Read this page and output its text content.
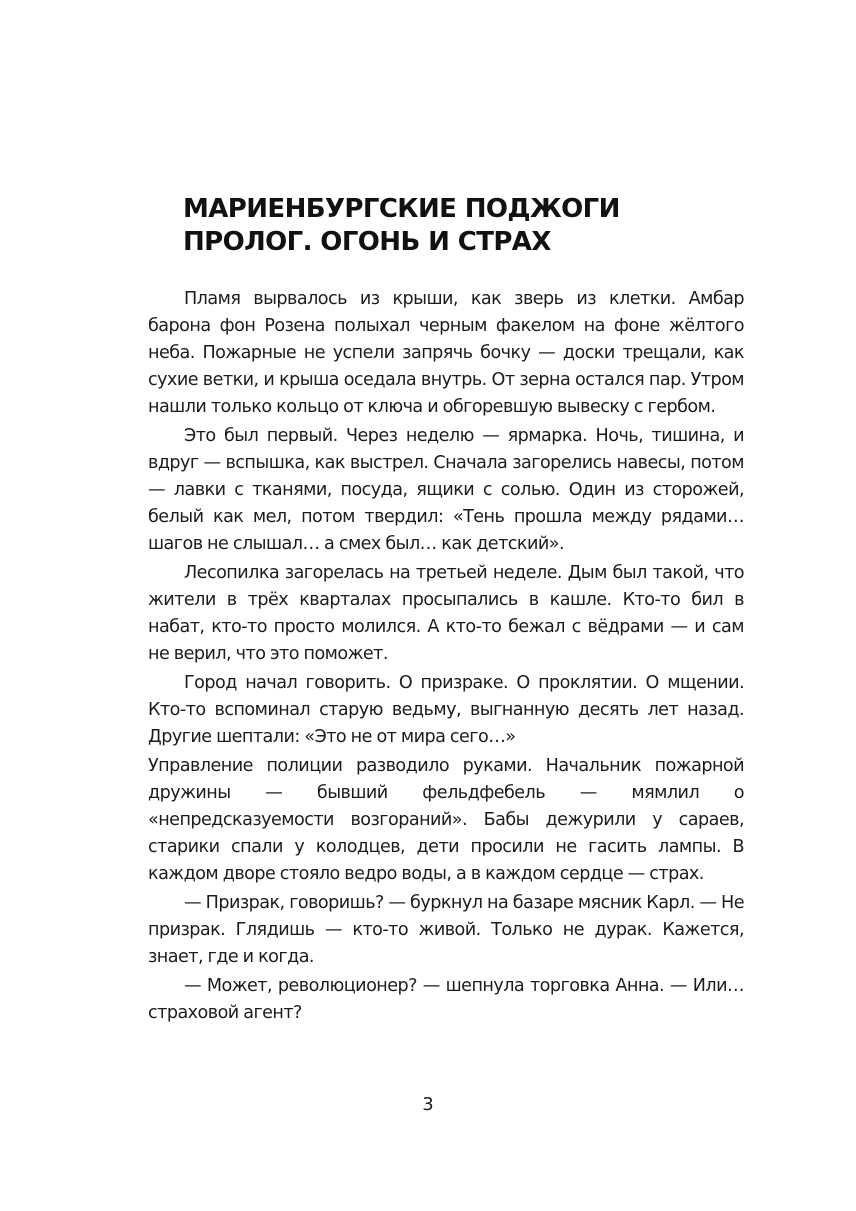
МАРИЕНБУРГСКИЕ ПОДЖОГИ
ПРОЛОГ. ОГОНЬ И СТРАХ

Пламя вырвалось из крыши, как зверь из клетки. Амбар барона фон Розена полыхал черным факелом на фоне жёлтого неба. Пожарные не успели запрячь бочку — доски трещали, как сухие ветки, и крыша оседала внутрь. От зерна остался пар. Утром нашли только кольцо от ключа и обгоревшую вывеску с гербом.

Это был первый. Через неделю — ярмарка. Ночь, тишина, и вдруг — вспышка, как выстрел. Сначала загорелись навесы, потом — лавки с тканями, посуда, ящики с солью. Один из сторожей, белый как мел, потом твердил: «Тень прошла между рядами… шагов не слышал… а смех был… как детский».

Лесопилка загорелась на третьей неделе. Дым был такой, что жители в трёх кварталах просыпались в кашле. Кто-то бил в набат, кто-то просто молился. А кто-то бежал с вёдрами — и сам не верил, что это поможет.

Город начал говорить. О призраке. О проклятии. О мщении. Кто-то вспоминал старую ведьму, выгнанную десять лет назад. Другие шептали: «Это не от мира сего…»

Управление полиции разводило руками. Начальник пожарной дружины — бывший фельдфебель — мямлил о «непредсказуемости возгораний». Бабы дежурили у сараев, старики спали у колодцев, дети просили не гасить лампы. В каждом дворе стояло ведро воды, а в каждом сердце — страх.

— Призрак, говоришь? — буркнул на базаре мясник Карл. — Не призрак. Глядишь — кто-то живой. Только не дурак. Кажется, знает, где и когда.

— Может, революционер? — шепнула торговка Анна. — Или… страховой агент?

3
